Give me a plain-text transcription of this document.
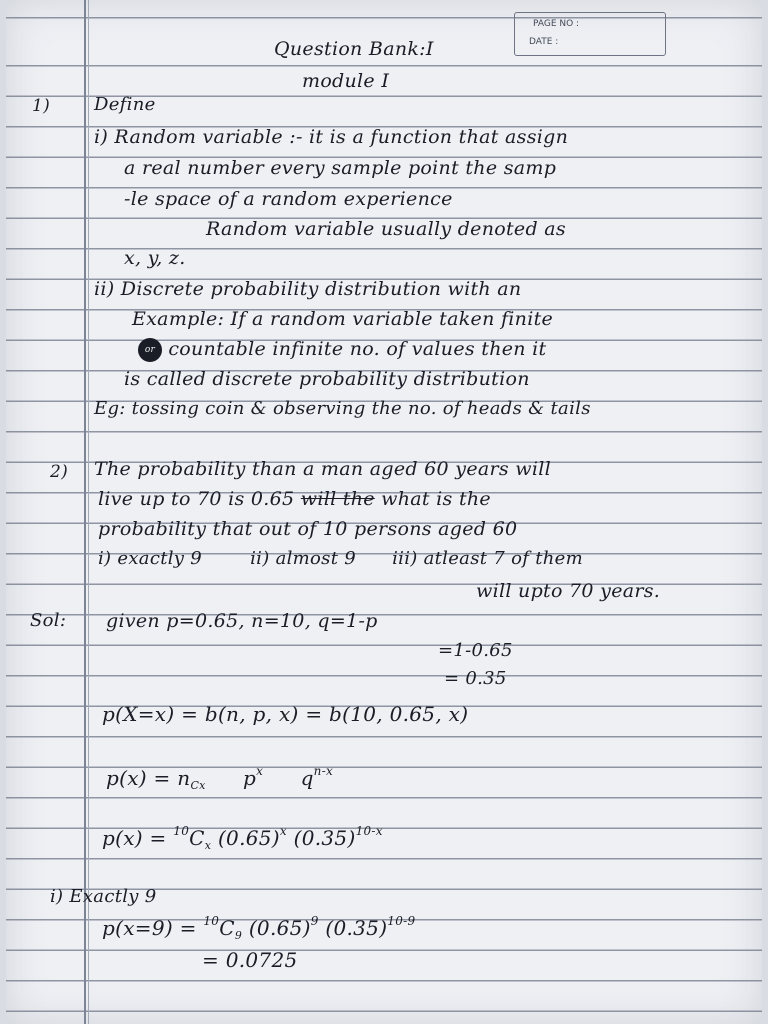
PAGE NO :
DATE :
Question Bank:I
module I
1) Define
i) Random variable :- it is a function that assign
a real number every sample point the samp
-le space of a random experience
Random variable usually denoted as
x, y, z.
ii) Discrete probability distribution with an
Example: If a random variable taken finite
or countable infinite no. of values then it
is called discrete probability distribution
Eg: tossing coin & observing the no. of heads & tails
2) The probability than a man aged 60 years will
live up to 70 is 0.65 will the what is the
probability that out of 10 persons aged 60
i) exactly 9	ii) almost 9 iii) atleast 7 of them
will upto 70 years.
Sol: given p=0.65, n=10, q=1-p
=1-0.65
= 0.35
p(X=x) = b(n, p, x) = b(10, 0.65, x)
$p(x) = n_{Cx}$ $p^x$ $q^{n-x}$
$p(x) = ^{10}C_x$ $(0.65)^x$ $(0.35)^{10-x}$
i) Exactly 9
$p(x=9) = ^{10}C_9$ $(0.65)^9$ $(0.35)^{10-9}$
= 0.0725
